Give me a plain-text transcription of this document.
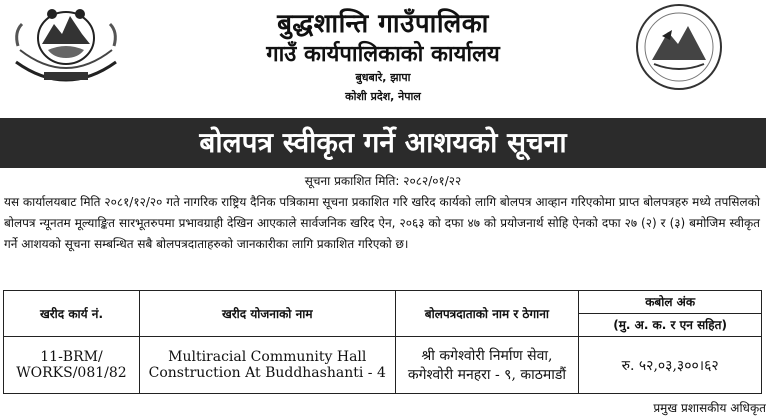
बुद्धशान्ति गाउँपालिका
गाउँ कार्यपालिकाको कार्यालय
बुधबारे, झापा
कोशी प्रदेश, नेपाल
बोलपत्र स्वीकृत गर्ने आशयको सूचना
सूचना प्रकाशित मिति: २०८२/०१/२२
यस कार्यालयबाट मिति २०८१/१२/२० गते नागरिक राष्ट्रिय दैनिक पत्रिकामा सूचना प्रकाशित गरि खरिद कार्यको लागि बोलपत्र आव्हान गरिएकोमा प्राप्त बोलपत्रहरु मध्ये तपसिलको बोलपत्र न्यूनतम मूल्याङ्कित सारभूतरुपमा प्रभावग्राही देखिन आएकाले सार्वजनिक खरिद ऐन, २०६३ को दफा ४७ को प्रयोजनार्थ सोहि ऐनको दफा २७ (२) र (३) बमोजिम स्वीकृत गर्ने आशयको सूचना सम्बन्धित सबै बोलपत्रदाताहरुको जानकारीका लागि प्रकाशित गरिएको छ।
खरीद कार्य नं.	खरीद योजनाको नाम	बोलपत्रदाताको नाम र ठेगाना	कबोल अंक
(मु. अ. क. र एन सहित)

11-BRM/ WORKS/081/82	Multiracial Community Hall Construction At Buddhashanti - 4	श्री कगेश्वोरी निर्माण सेवा,
कगेश्वोरी मनहरा - ९, काठमाडौं	रु. ५२,०३,३००।६२
प्रमुख प्रशासकीय अधिकृत
